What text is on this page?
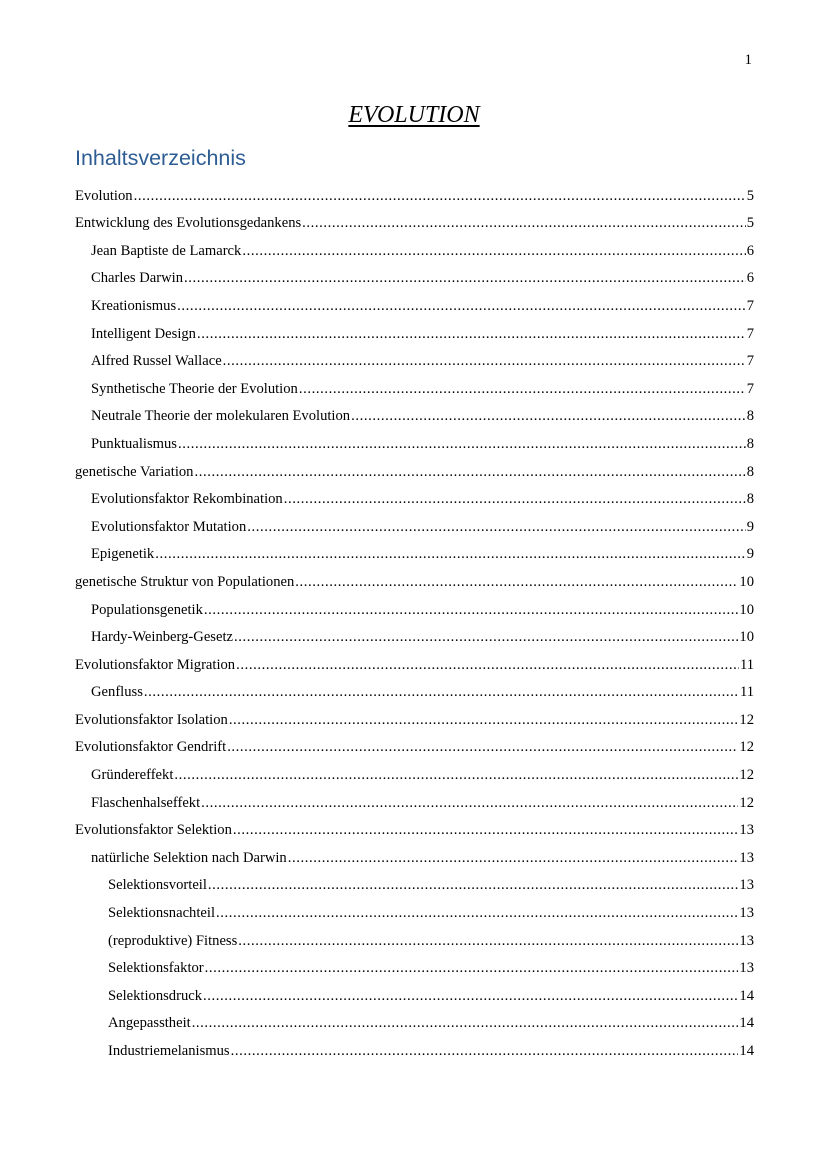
1
EVOLUTION
Inhaltsverzeichnis
Evolution .....	5
Entwicklung des Evolutionsgedankens .....	5
Jean Baptiste de Lamarck .....	6
Charles Darwin .....	6
Kreationismus .....	7
Intelligent Design .....	7
Alfred Russel Wallace .....	7
Synthetische Theorie der Evolution .....	7
Neutrale Theorie der molekularen Evolution .....	8
Punktualismus .....	8
genetische Variation .....	8
Evolutionsfaktor Rekombination .....	8
Evolutionsfaktor Mutation .....	9
Epigenetik .....	9
genetische Struktur von Populationen .....	10
Populationsgenetik .....	10
Hardy-Weinberg-Gesetz .....	10
Evolutionsfaktor Migration .....	11
Genfluss .....	11
Evolutionsfaktor Isolation .....	12
Evolutionsfaktor Gendrift .....	12
Gründereffekt .....	12
Flaschenhalseffekt .....	12
Evolutionsfaktor Selektion .....	13
natürliche Selektion nach Darwin .....	13
Selektionsvorteil .....	13
Selektionsnachteil .....	13
(reproduktive) Fitness .....	13
Selektionsfaktor .....	13
Selektionsdruck .....	14
Angepasstheit .....	14
Industriemelanismus .....	14
